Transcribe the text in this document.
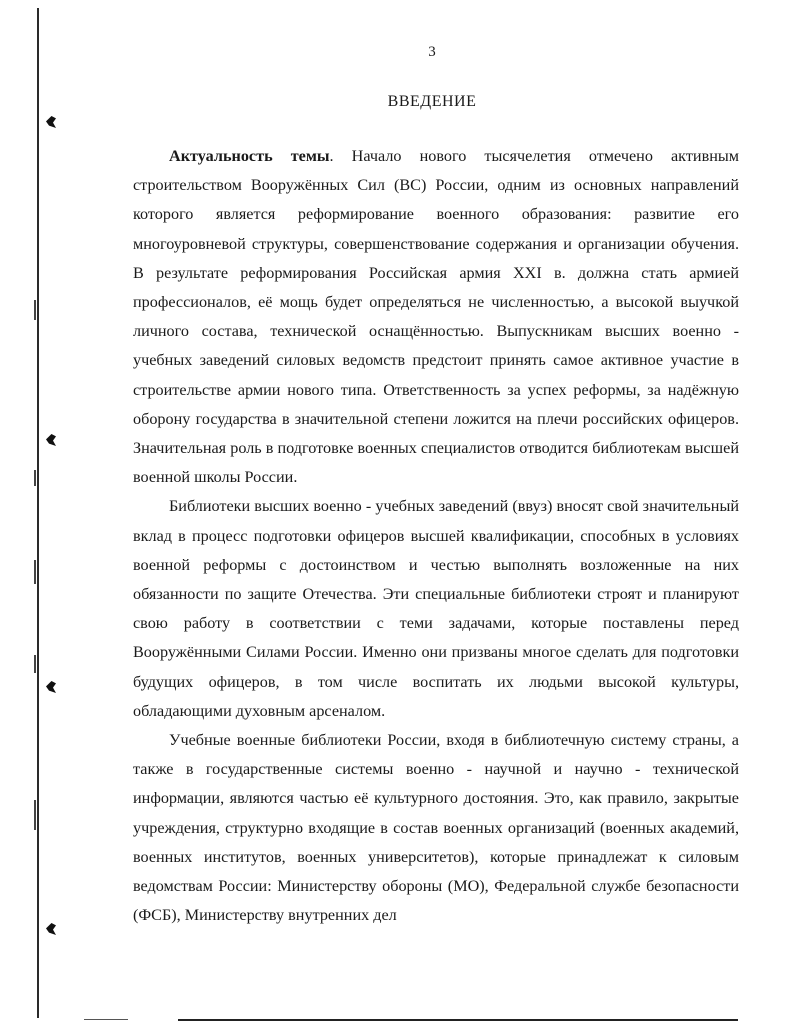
3
ВВЕДЕНИЕ

Актуальность темы. Начало нового тысячелетия отмечено активным строительством Вооружённых Сил (ВС) России, одним из основных направлений которого является реформирование военного образования: развитие его многоуровневой структуры, совершенствование содержания и организации обучения. В результате реформирования Российская армия XXI в. должна стать армией профессионалов, её мощь будет определяться не численностью, а высокой выучкой личного состава, технической оснащённостью. Выпускникам высших военно - учебных заведений силовых ведомств предстоит принять самое активное участие в строительстве армии нового типа. Ответственность за успех реформы, за надёжную оборону государства в значительной степени ложится на плечи российских офицеров. Значительная роль в подготовке военных специалистов отводится библиотекам высшей военной школы России.

Библиотеки высших военно - учебных заведений (ввуз) вносят свой значительный вклад в процесс подготовки офицеров высшей квалификации, способных в условиях военной реформы с достоинством и честью выполнять возложенные на них обязанности по защите Отечества. Эти специальные библиотеки строят и планируют свою работу в соответствии с теми задачами, которые поставлены перед Вооружёнными Силами России. Именно они призваны многое сделать для подготовки будущих офицеров, в том числе воспитать их людьми высокой культуры, обладающими духовным арсеналом.

Учебные военные библиотеки России, входя в библиотечную систему страны, а также в государственные системы военно - научной и научно - технической информации, являются частью её культурного достояния. Это, как правило, закрытые учреждения, структурно входящие в состав военных организаций (военных академий, военных институтов, военных университетов), которые принадлежат к силовым ведомствам России: Министерству обороны (МО), Федеральной службе безопасности (ФСБ), Министерству внутренних дел
